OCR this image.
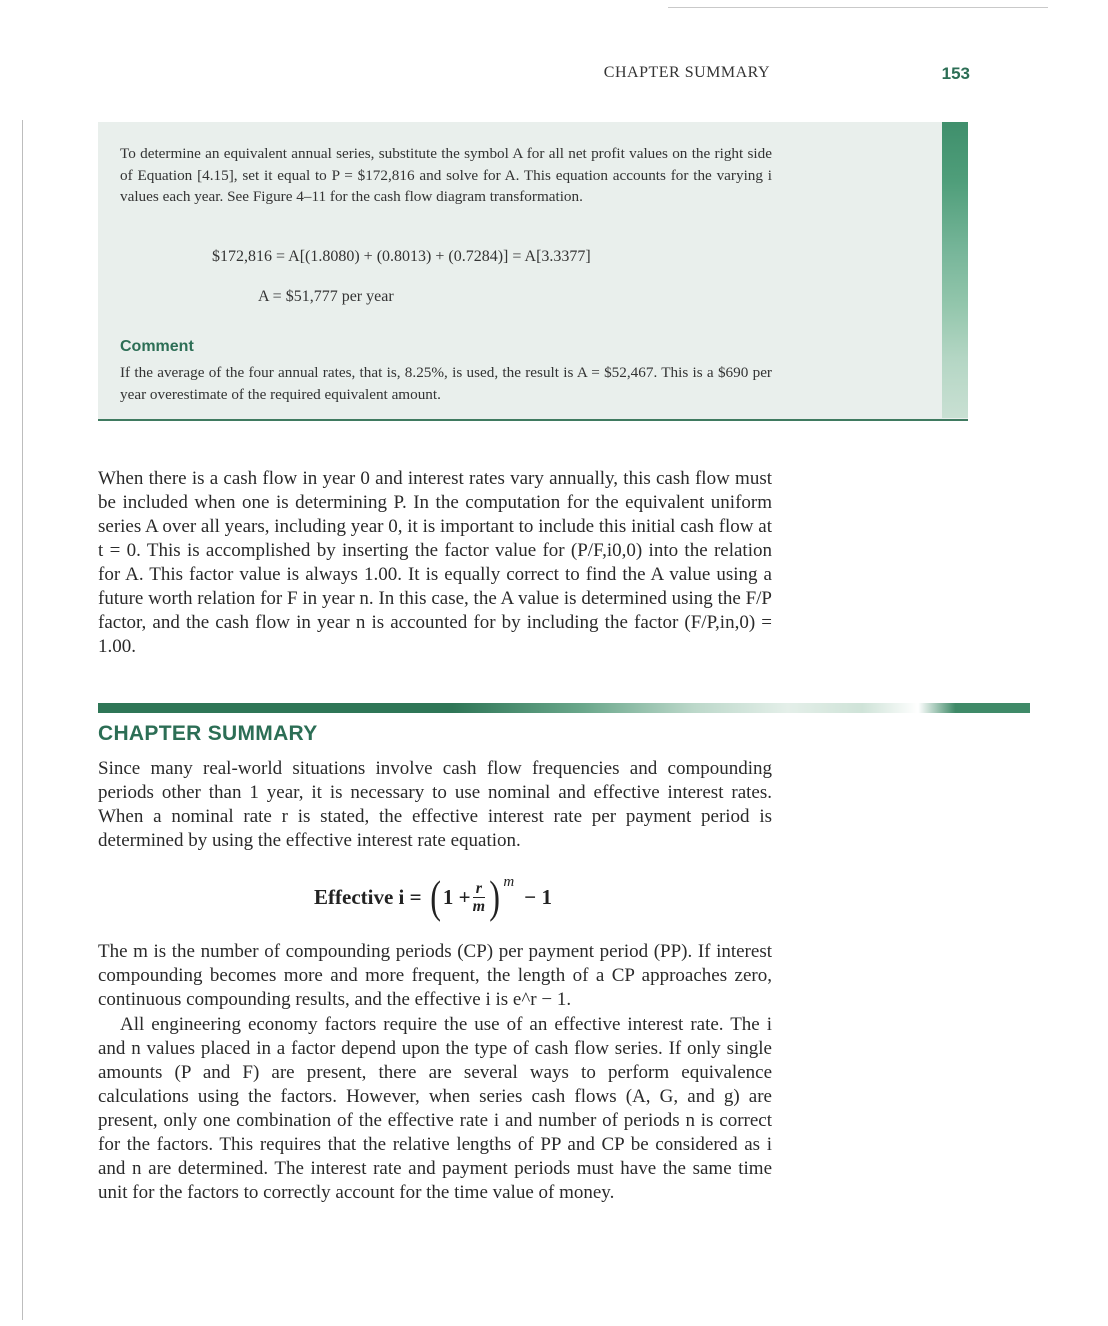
CHAPTER SUMMARY	153

To determine an equivalent annual series, substitute the symbol A for all net profit values on the right side of Equation [4.15], set it equal to P = $172,816 and solve for A. This equation accounts for the varying i values each year. See Figure 4–11 for the cash flow diagram transformation.

$172,816 = A[(1.8080) + (0.8013) + (0.7284)] = A[3.3377]
A = $51,777 per year
Comment
If the average of the four annual rates, that is, 8.25%, is used, the result is A = $52,467. This is a $690 per year overestimate of the required equivalent amount.

When there is a cash flow in year 0 and interest rates vary annually, this cash flow must be included when one is determining P. In the computation for the equivalent uniform series A over all years, including year 0, it is important to include this initial cash flow at t = 0. This is accomplished by inserting the factor value for (P/F,i0,0) into the relation for A. This factor value is always 1.00. It is equally correct to find the A value using a future worth relation for F in year n. In this case, the A value is determined using the F/P factor, and the cash flow in year n is accounted for by including the factor (F/P,in,0) = 1.00.

CHAPTER SUMMARY

Since many real-world situations involve cash flow frequencies and compounding periods other than 1 year, it is necessary to use nominal and effective interest rates. When a nominal rate r is stated, the effective interest rate per payment period is determined by using the effective interest rate equation.

Effective i = ( $1 + \frac{r}{m}$ ) m
− 1

The m is the number of compounding periods (CP) per payment period (PP). If interest compounding becomes more and more frequent, the length of a CP approaches zero, continuous compounding results, and the effective i is e^r − 1.

All engineering economy factors require the use of an effective interest rate. The i and n values placed in a factor depend upon the type of cash flow series. If only single amounts (P and F) are present, there are several ways to perform equivalence calculations using the factors. However, when series cash flows (A, G, and g) are present, only one combination of the effective rate i and number of periods n is correct for the factors. This requires that the relative lengths of PP and CP be considered as i and n are determined. The interest rate and payment periods must have the same time unit for the factors to correctly account for the time value of money.
